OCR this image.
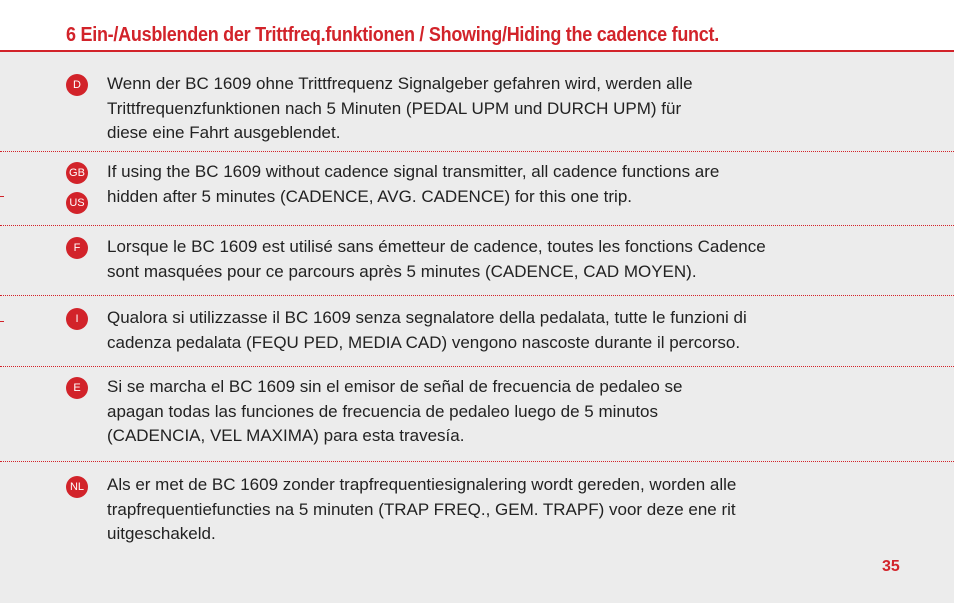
6 Ein-/Ausblenden der Trittfreq.funktionen / Showing/Hiding the cadence funct.
D	Wenn der BC 1609 ohne Trittfrequenz Signalgeber gefahren wird, werden alle
Trittfrequenzfunktionen nach 5 Minuten (PEDAL UPM und DURCH UPM) für
diese eine Fahrt ausgeblendet.
GB
US
If using the BC 1609 without cadence signal transmitter, all cadence functions are
hidden after 5 minutes (CADENCE, AVG. CADENCE) for this one trip.
F	Lorsque le BC 1609 est utilisé sans émetteur de cadence, toutes les fonctions Cadence
sont masquées pour ce parcours après 5 minutes (CADENCE, CAD MOYEN).
I	Qualora si utilizzasse il BC 1609 senza segnalatore della pedalata, tutte le funzioni di
cadenza pedalata (FEQU PED, MEDIA CAD) vengono nascoste durante il percorso.
E	Si se marcha el BC 1609 sin el emisor de señal de frecuencia de pedaleo se
apagan todas las funciones de frecuencia de pedaleo luego de 5 minutos
(CADENCIA, VEL MAXIMA) para esta travesía.
NL Als er met de BC 1609 zonder trapfrequentiesignalering wordt gereden, worden alle
trapfrequentiefuncties na 5 minuten (TRAP FREQ., GEM. TRAPF) voor deze ene rit
uitgeschakeld.
35
